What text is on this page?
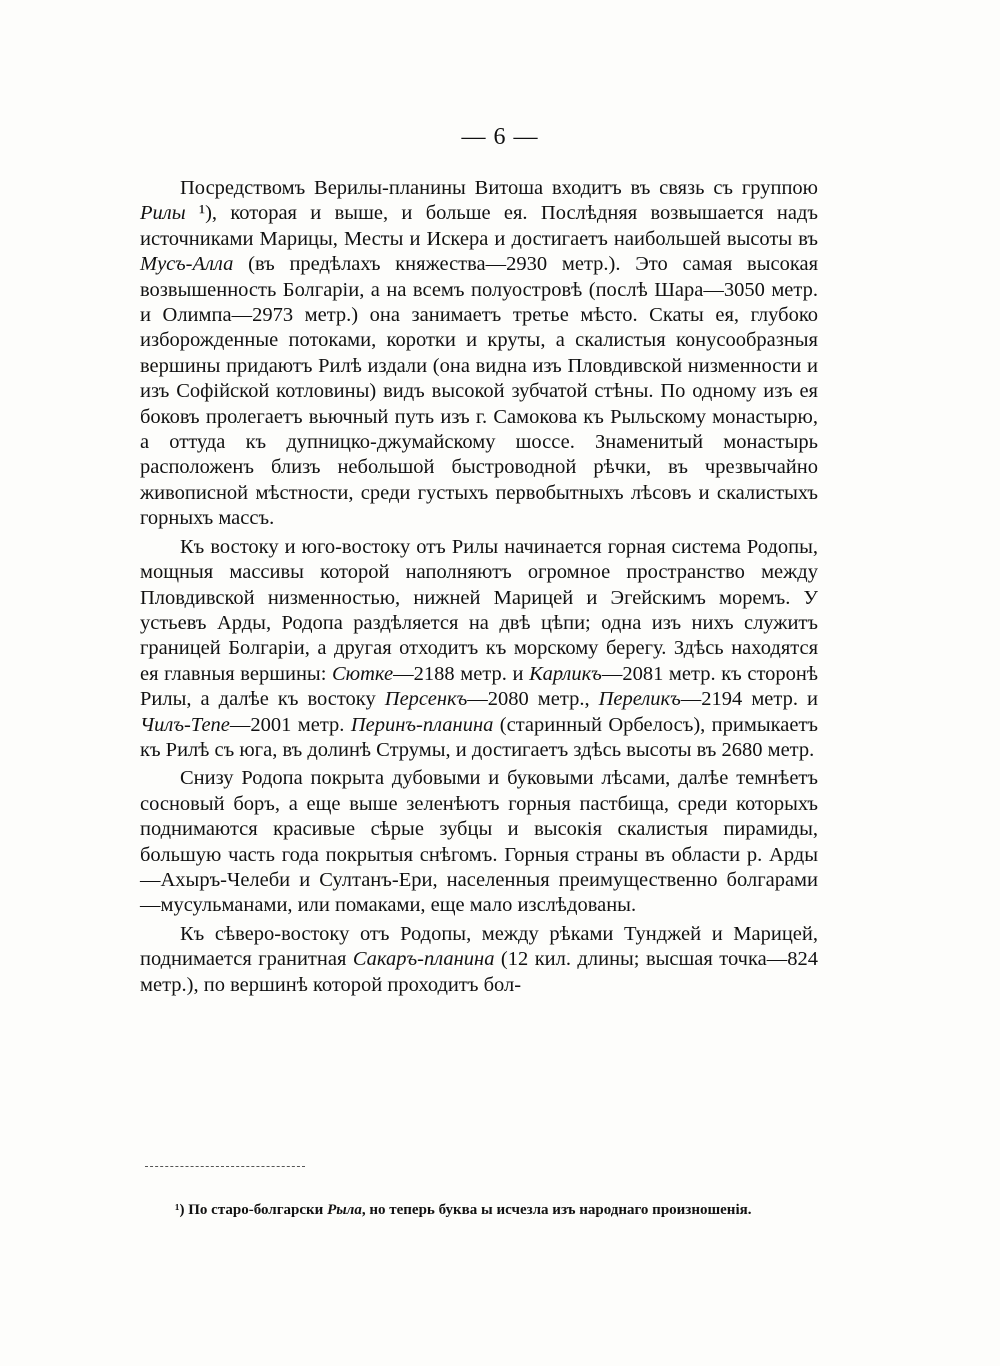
— 6 —

Посредствомъ Верилы-планины Витоша входитъ въ связь съ группою Рилы ¹), которая и выше, и больше ея. Послѣдняя возвышается надъ источниками Марицы, Месты и Искера и достигаетъ наибольшей высоты въ Мусъ-Алла (въ предѣлахъ княжества—2930 метр.). Это самая высокая возвышенность Болгаріи, а на всемъ полуостровѣ (послѣ Шара—3050 метр. и Олимпа—2973 метр.) она занимаетъ третье мѣсто. Скаты ея, глубоко изборожденные потоками, коротки и круты, а скалистыя конусообразныя вершины придаютъ Рилѣ издали (она видна изъ Пловдивской низменности и изъ Софійской котловины) видъ высокой зубчатой стѣны. По одному изъ ея боковъ пролегаетъ вьючный путь изъ г. Самокова къ Рыльскому монастырю, а оттуда къ дупницко-джумайскому шоссе. Знаменитый монастырь расположенъ близъ небольшой быстроводной рѣчки, въ чрезвычайно живописной мѣстности, среди густыхъ первобытныхъ лѣсовъ и скалистыхъ горныхъ массъ.

Къ востоку и юго-востоку отъ Рилы начинается горная система Родопы, мощныя массивы которой наполняютъ огромное пространство между Пловдивской низменностью, нижней Марицей и Эгейскимъ моремъ. У устьевъ Арды, Родопа раздѣляется на двѣ цѣпи; одна изъ нихъ служитъ границей Болгаріи, а другая отходитъ къ морскому берегу. Здѣсь находятся ея главныя вершины: Сютке—2188 метр. и Карликъ—2081 метр. къ сторонѣ Рилы, а далѣе къ востоку Персенкъ—2080 метр., Переликъ—2194 метр. и Чилъ-Тепе—2001 метр. Перинъ-планина (старинный Орбелосъ), примыкаетъ къ Рилѣ съ юга, въ долинѣ Струмы, и достигаетъ здѣсь высоты въ 2680 метр.

Снизу Родопа покрыта дубовыми и буковыми лѣсами, далѣе темнѣетъ сосновый боръ, а еще выше зеленѣютъ горныя пастбища, среди которыхъ поднимаются красивые сѣрые зубцы и высокія скалистыя пирамиды, большую часть года покрытыя снѣгомъ. Горныя страны въ области р. Арды—Ахыръ-Челеби и Султанъ-Ери, населенныя преимущественно болгарами—мусульманами, или помаками, еще мало изслѣдованы.

Къ сѣверо-востоку отъ Родопы, между рѣками Тунджей и Марицей, поднимается гранитная Сакаръ-планина (12 кил. длины; высшая точка—824 метр.), по вершинѣ которой проходитъ бол-

¹) По старо-болгарски Рыла, но теперь буква ы исчезла изъ народнаго произношенія.
